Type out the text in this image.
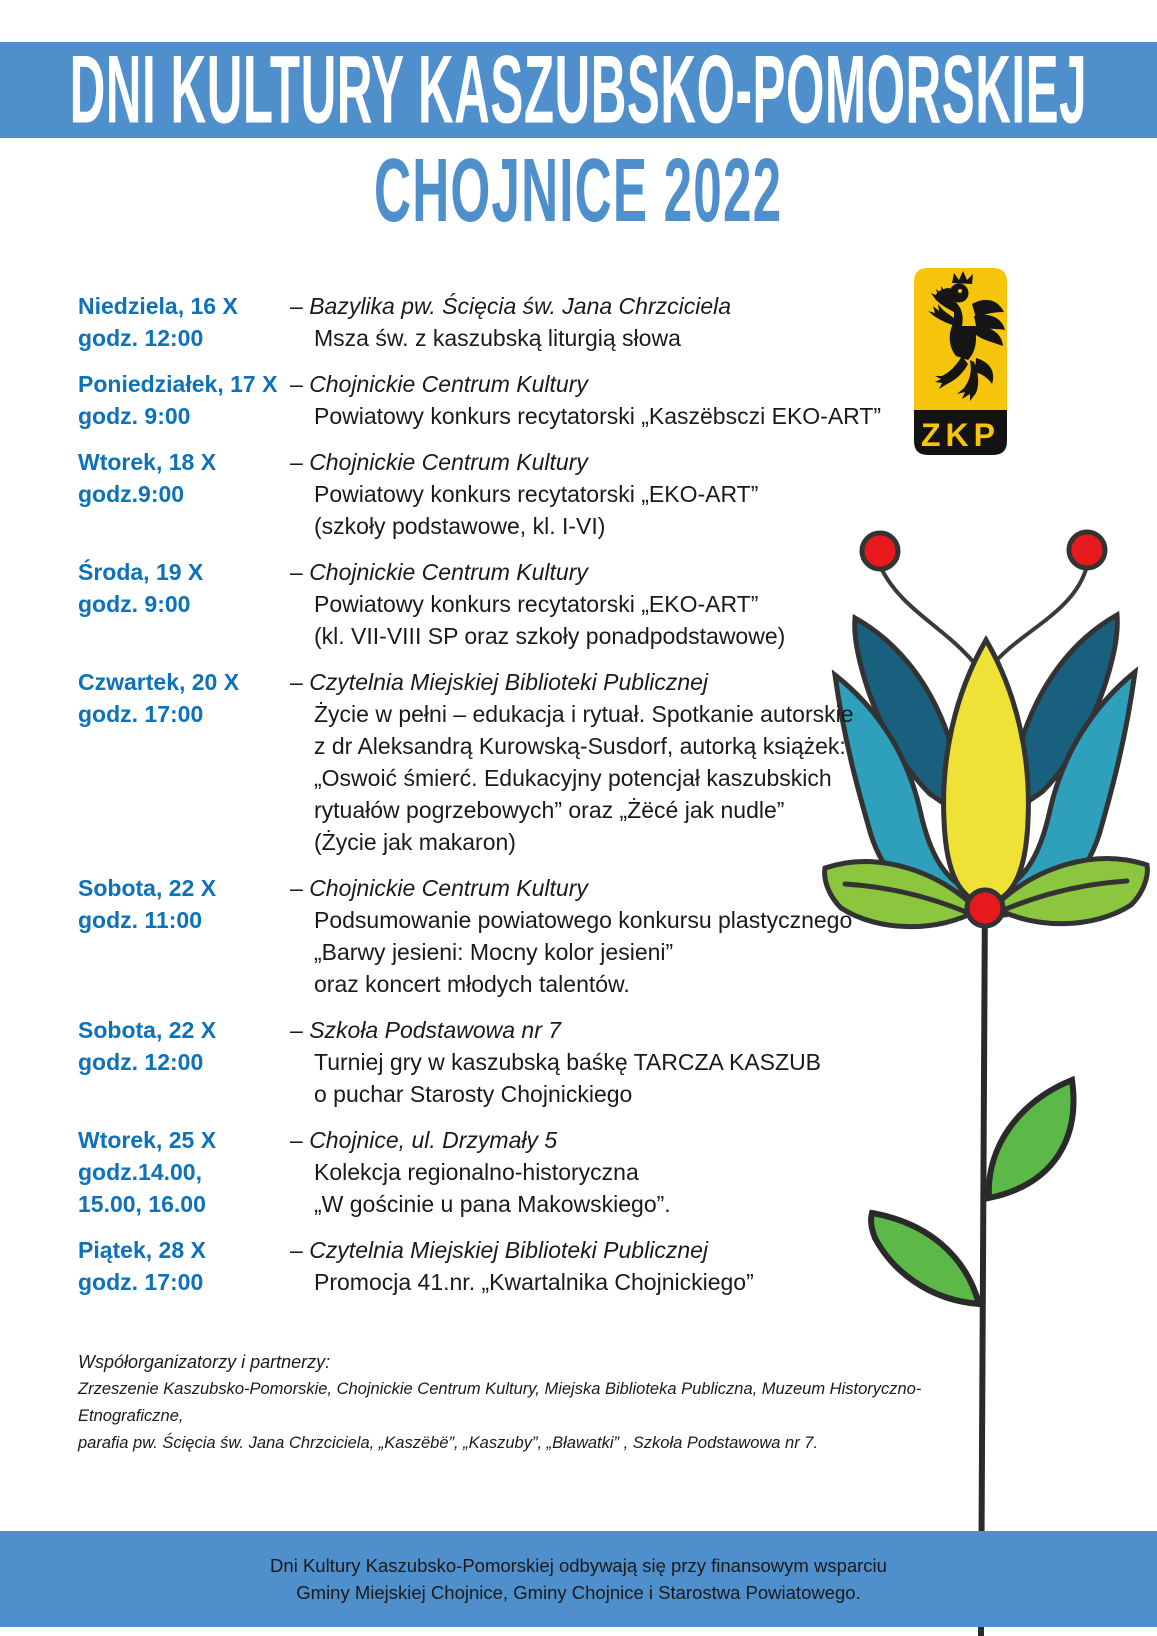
DNI KULTURY KASZUBSKO-POMORSKIEJ
CHOJNICE 2022
ZKP
Niedziela, 16 X
godz. 12:00
– Bazylika pw. Ścięcia św. Jana Chrzciciela
Msza św. z kaszubską liturgią słowa
Poniedziałek, 17 X
godz. 9:00
– Chojnickie Centrum Kultury
Powiatowy konkurs recytatorski „Kaszëbsczi EKO-ART”
Wtorek, 18 X
godz.9:00
– Chojnickie Centrum Kultury
Powiatowy konkurs recytatorski „EKO-ART”
(szkoły podstawowe, kl. I-VI)
Środa, 19 X
godz. 9:00
– Chojnickie Centrum Kultury
Powiatowy konkurs recytatorski „EKO-ART”
(kl. VII-VIII SP oraz szkoły ponadpodstawowe)
Czwartek, 20 X
godz. 17:00
– Czytelnia Miejskiej Biblioteki Publicznej
Życie w pełni – edukacja i rytuał. Spotkanie autorskie
z dr Aleksandrą Kurowską-Susdorf, autorką książek:
„Oswoić śmierć. Edukacyjny potencjał kaszubskich
rytuałów pogrzebowych” oraz „Żëcé jak nudle”
(Życie jak makaron)
Sobota, 22 X
godz. 11:00
– Chojnickie Centrum Kultury
Podsumowanie powiatowego konkursu plastycznego
„Barwy jesieni: Mocny kolor jesieni”
oraz koncert młodych talentów.
Sobota, 22 X
godz. 12:00
– Szkoła Podstawowa nr 7
Turniej gry w kaszubską baśkę TARCZA KASZUB
o puchar Starosty Chojnickiego
Wtorek, 25 X
godz.14.00,
15.00, 16.00
– Chojnice, ul. Drzymały 5
Kolekcja regionalno-historyczna
„W gościnie u pana Makowskiego”.
Piątek, 28 X
godz. 17:00
– Czytelnia Miejskiej Biblioteki Publicznej
Promocja 41.nr. „Kwartalnika Chojnickiego”
Współorganizatorzy i partnerzy:
Zrzeszenie Kaszubsko-Pomorskie, Chojnickie Centrum Kultury, Miejska Biblioteka Publiczna, Muzeum Historyczno-Etnograficzne,
parafia pw. Ścięcia św. Jana Chrzciciela, „Kaszëbë”, „Kaszuby”, „Bławatki” , Szkoła Podstawowa nr 7.
Dni Kultury Kaszubsko-Pomorskiej odbywają się przy finansowym wsparciu
Gminy Miejskiej Chojnice, Gminy Chojnice i Starostwa Powiatowego.
